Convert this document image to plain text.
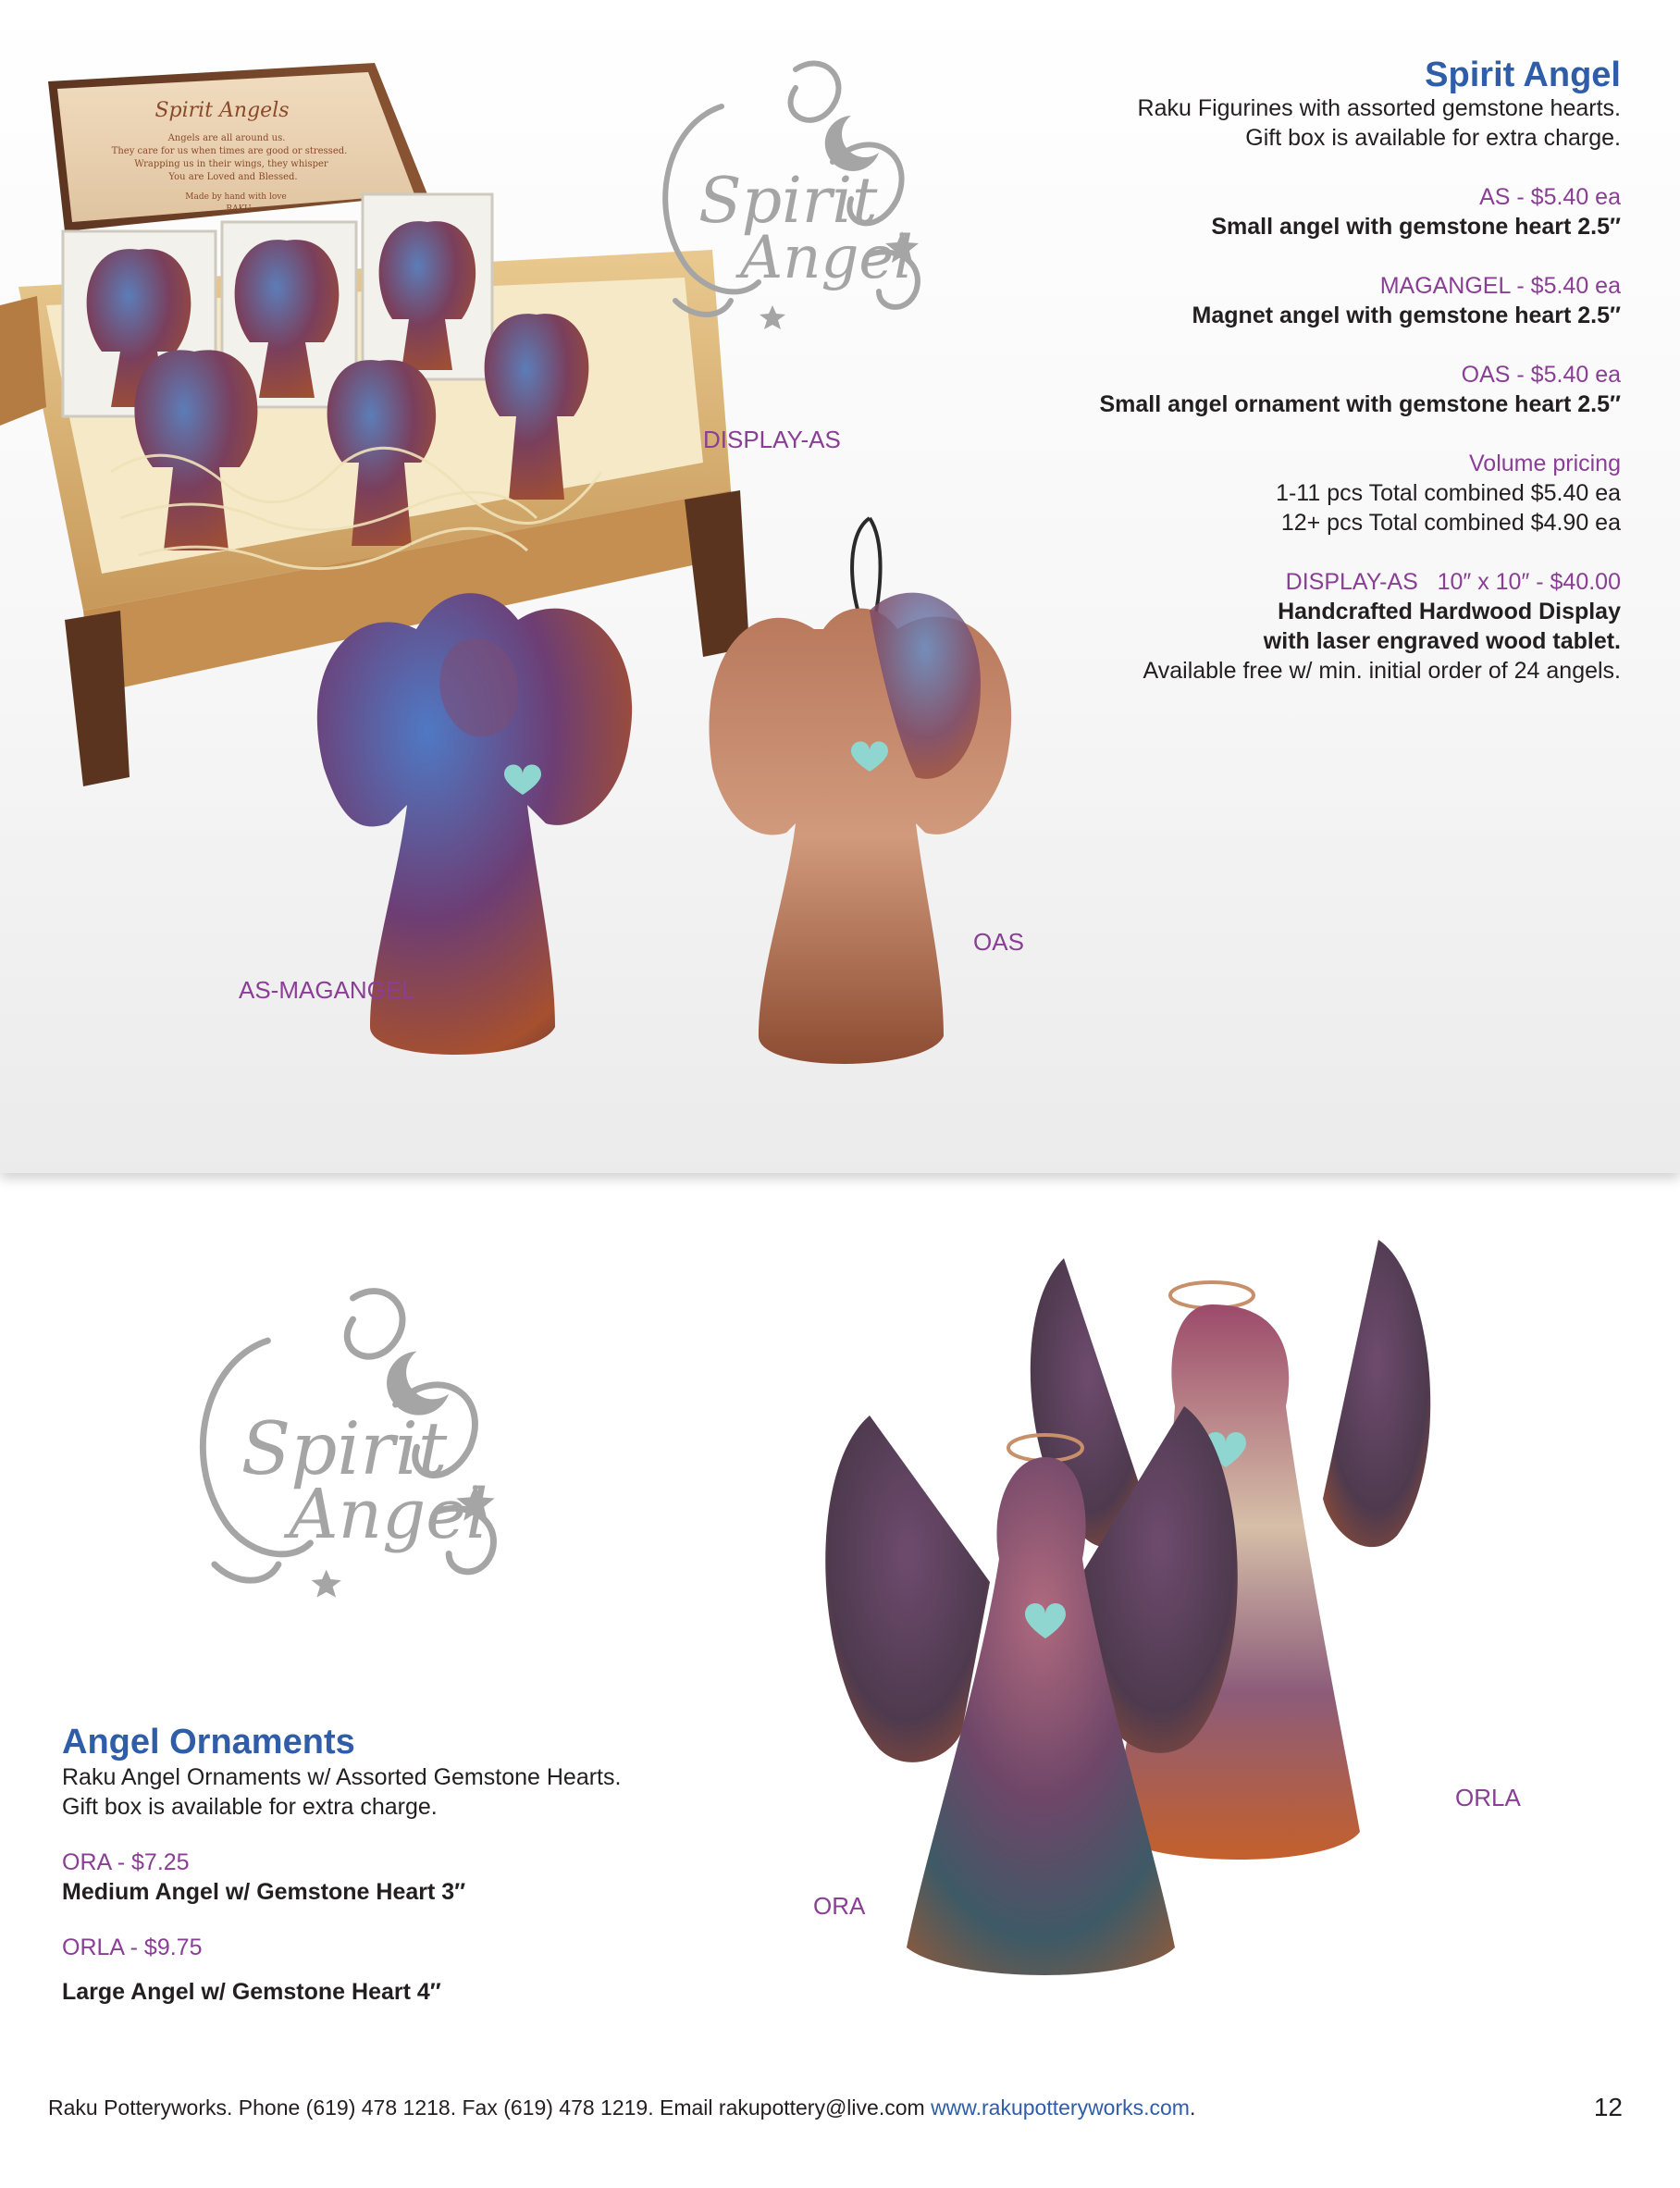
Spirit Angels
Angels are all around us.
They care for us when times are good or stressed.
Wrapping us in their wings, they whisper
You are Loved and Blessed.
Made by hand with love
RAKU	Spirit
Angel
Spirit Angel
Raku Figurines with assorted gemstone hearts.
Gift box is available for extra charge.
AS - $5.40 ea
Small angel with gemstone heart 2.5″
MAGANGEL - $5.40 ea
Magnet angel with gemstone heart 2.5″
OAS - $5.40 ea
Small angel ornament with gemstone heart 2.5″
Volume pricing
1-11 pcs Total combined $5.40 ea
12+ pcs Total combined $4.90 ea
DISPLAY-AS   10″ x 10″ - $40.00
Handcrafted Hardwood Display
with laser engraved wood tablet.
Available free w/ min. initial order of 24 angels.
DISPLAY-AS
OAS
AS-MAGANGEL
Spirit
Angel
ORLA
ORA
Angel Ornaments
Raku Angel Ornaments w/ Assorted Gemstone Hearts.
Gift box is available for extra charge.
ORA - $7.25
Medium Angel w/ Gemstone Heart 3″
ORLA - $9.75
Large Angel w/ Gemstone Heart 4″
Raku Potteryworks. Phone (619) 478 1218. Fax (619) 478 1219. Email rakupottery@live.com www.rakupotteryworks.com.	12
